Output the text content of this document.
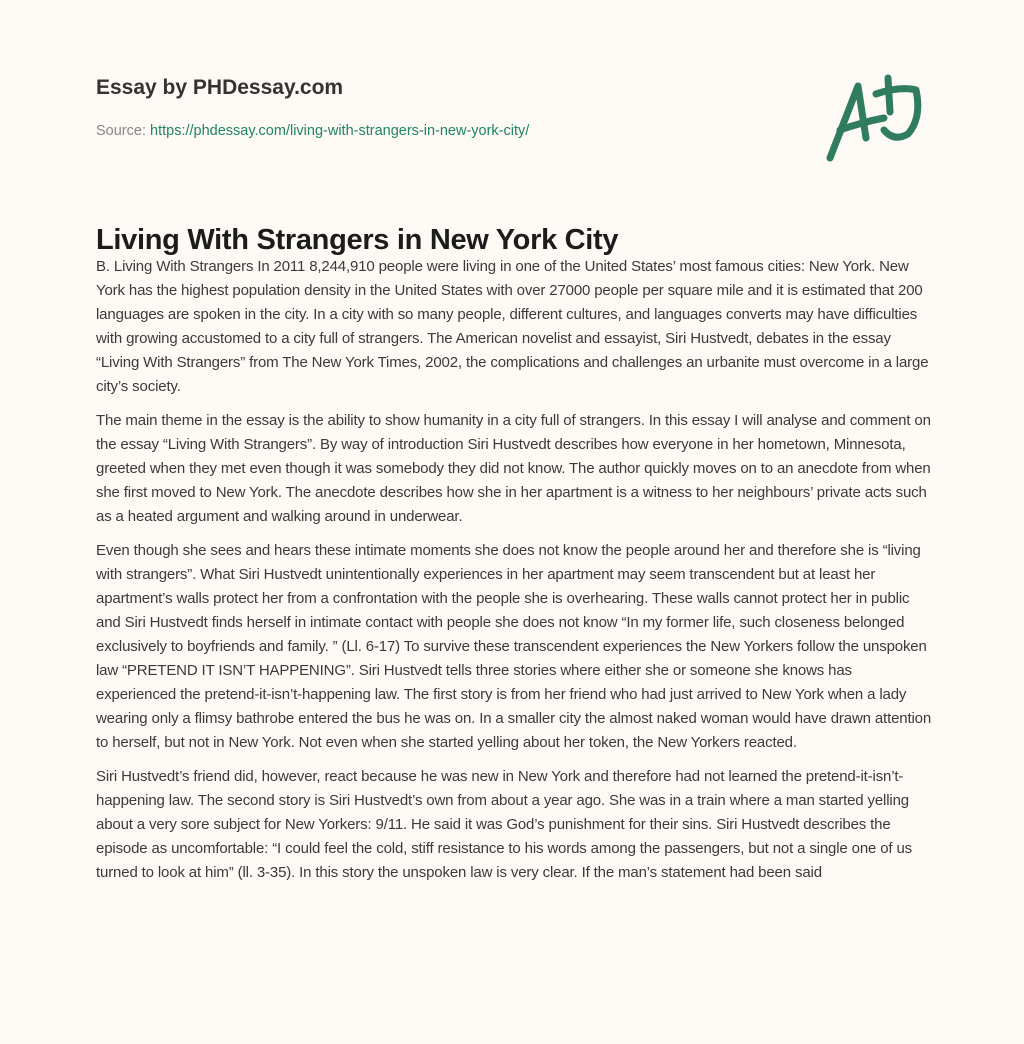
Essay by PHDessay.com
Source: https://phdessay.com/living-with-strangers-in-new-york-city/
Living With Strangers in New York City

B. Living With Strangers In 2011 8,244,910 people were living in one of the United States’ most famous cities: New York. New York has the highest population density in the United States with over 27000 people per square mile and it is estimated that 200 languages are spoken in the city. In a city with so many people, different cultures, and languages converts may have difficulties with growing accustomed to a city full of strangers. The American novelist and essayist, Siri Hustvedt, debates in the essay “Living With Strangers” from The New York Times, 2002, the complications and challenges an urbanite must overcome in a large city’s society.

The main theme in the essay is the ability to show humanity in a city full of strangers. In this essay I will analyse and comment on the essay “Living With Strangers”. By way of introduction Siri Hustvedt describes how everyone in her hometown, Minnesota, greeted when they met even though it was somebody they did not know. The author quickly moves on to an anecdote from when she first moved to New York. The anecdote describes how she in her apartment is a witness to her neighbours’ private acts such as a heated argument and walking around in underwear.

Even though she sees and hears these intimate moments she does not know the people around her and therefore she is “living with strangers”. What Siri Hustvedt unintentionally experiences in her apartment may seem transcendent but at least her apartment’s walls protect her from a confrontation with the people she is overhearing. These walls cannot protect her in public and Siri Hustvedt finds herself in intimate contact with people she does not know “In my former life, such closeness belonged exclusively to boyfriends and family. ” (Ll. 6-17) To survive these transcendent experiences the New Yorkers follow the unspoken law “PRETEND IT ISN’T HAPPENING”. Siri Hustvedt tells three stories where either she or someone she knows has experienced the pretend-it-isn’t-happening law. The first story is from her friend who had just arrived to New York when a lady wearing only a flimsy bathrobe entered the bus he was on. In a smaller city the almost naked woman would have drawn attention to herself, but not in New York. Not even when she started yelling about her token, the New Yorkers reacted.

Siri Hustvedt’s friend did, however, react because he was new in New York and therefore had not learned the pretend-it-isn’t-happening law. The second story is Siri Hustvedt’s own from about a year ago. She was in a train where a man started yelling about a very sore subject for New Yorkers: 9/11. He said it was God’s punishment for their sins. Siri Hustvedt describes the episode as uncomfortable: “I could feel the cold, stiff resistance to his words among the passengers, but not a single one of us turned to look at him” (ll. 3-35). In this story the unspoken law is very clear. If the man’s statement had been said
